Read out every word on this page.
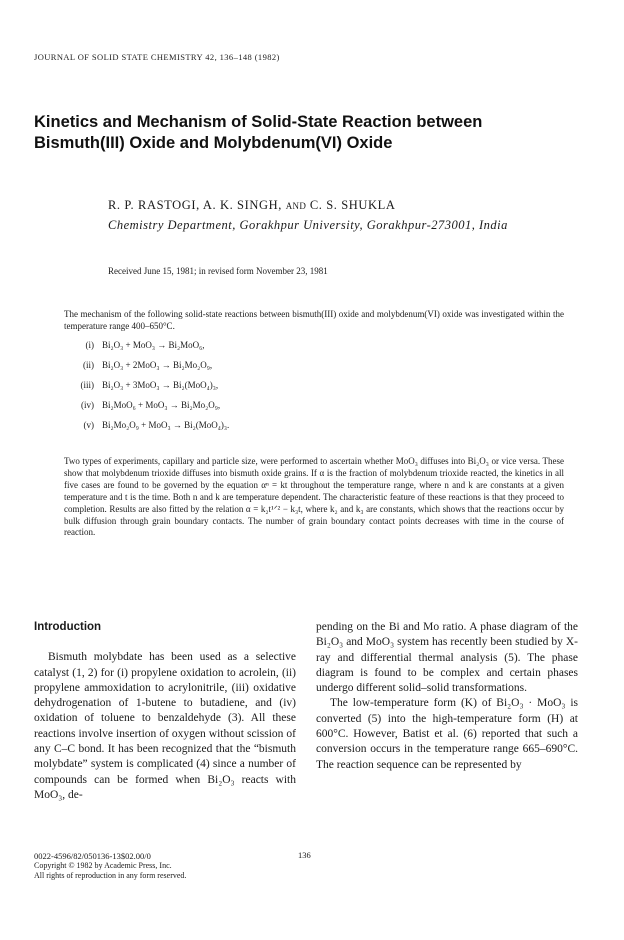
JOURNAL OF SOLID STATE CHEMISTRY 42, 136–148 (1982)
Kinetics and Mechanism of Solid-State Reaction between
Bismuth(III) Oxide and Molybdenum(VI) Oxide
R. P. RASTOGI, A. K. SINGH, AND C. S. SHUKLA
Chemistry Department, Gorakhpur University, Gorakhpur-273001, India
Received June 15, 1981; in revised form November 23, 1981
The mechanism of the following solid-state reactions between bismuth(III) oxide and molybdenum(VI) oxide was investigated within the temperature range 400–650°C.
(i) Bi₂O₃ + MoO₃ → Bi₂MoO₆,
(ii) Bi₂O₃ + 2MoO₃ → Bi₂Mo₂O₉,
(iii) Bi₂O₃ + 3MoO₃ → Bi₂(MoO₄)₃,
(iv) Bi₂MoO₆ + MoO₃ → Bi₂Mo₂O₉,
(v) Bi₂Mo₂O₉ + MoO₃ → Bi₂(MoO₄)₃.
Two types of experiments, capillary and particle size, were performed to ascertain whether MoO₃ diffuses into Bi₂O₃ or vice versa. These show that molybdenum trioxide diffuses into bismuth oxide grains. If α is the fraction of molybdenum trioxide reacted, the kinetics in all five cases are found to be governed by the equation αⁿ = kt throughout the temperature range, where n and k are constants at a given temperature and t is the time. Both n and k are temperature dependent. The characteristic feature of these reactions is that they proceed to completion. Results are also fitted by the relation α = k₂t¹ᐟ² − k₃t, where k₂ and k₃ are constants, which shows that the reactions occur by bulk diffusion through grain boundary contacts. The number of grain boundary contact points decreases with time in the course of reaction.
Introduction

Bismuth molybdate has been used as a selective catalyst (1, 2) for (i) propylene oxidation to acrolein, (ii) propylene ammoxidation to acrylonitrile, (iii) oxidative dehydrogenation of 1-butene to butadiene, and (iv) oxidation of toluene to benzaldehyde (3). All these reactions involve insertion of oxygen without scission of any C–C bond. It has been recognized that the “bismuth molybdate” system is complicated (4) since a number of compounds can be formed when Bi₂O₃ reacts with MoO₃, de-

pending on the Bi and Mo ratio. A phase diagram of the Bi₂O₃ and MoO₃ system has recently been studied by X-ray and differential thermal analysis (5). The phase diagram is found to be complex and certain phases undergo different solid–solid transformations.

The low-temperature form (K) of Bi₂O₃ · MoO₃ is converted (5) into the high-temperature form (H) at 600°C. However, Batist et al. (6) reported that such a conversion occurs in the temperature range 665–690°C. The reaction sequence can be represented by

0022-4596/82/050136-13$02.00/0
Copyright © 1982 by Academic Press, Inc.
All rights of reproduction in any form reserved.
136
